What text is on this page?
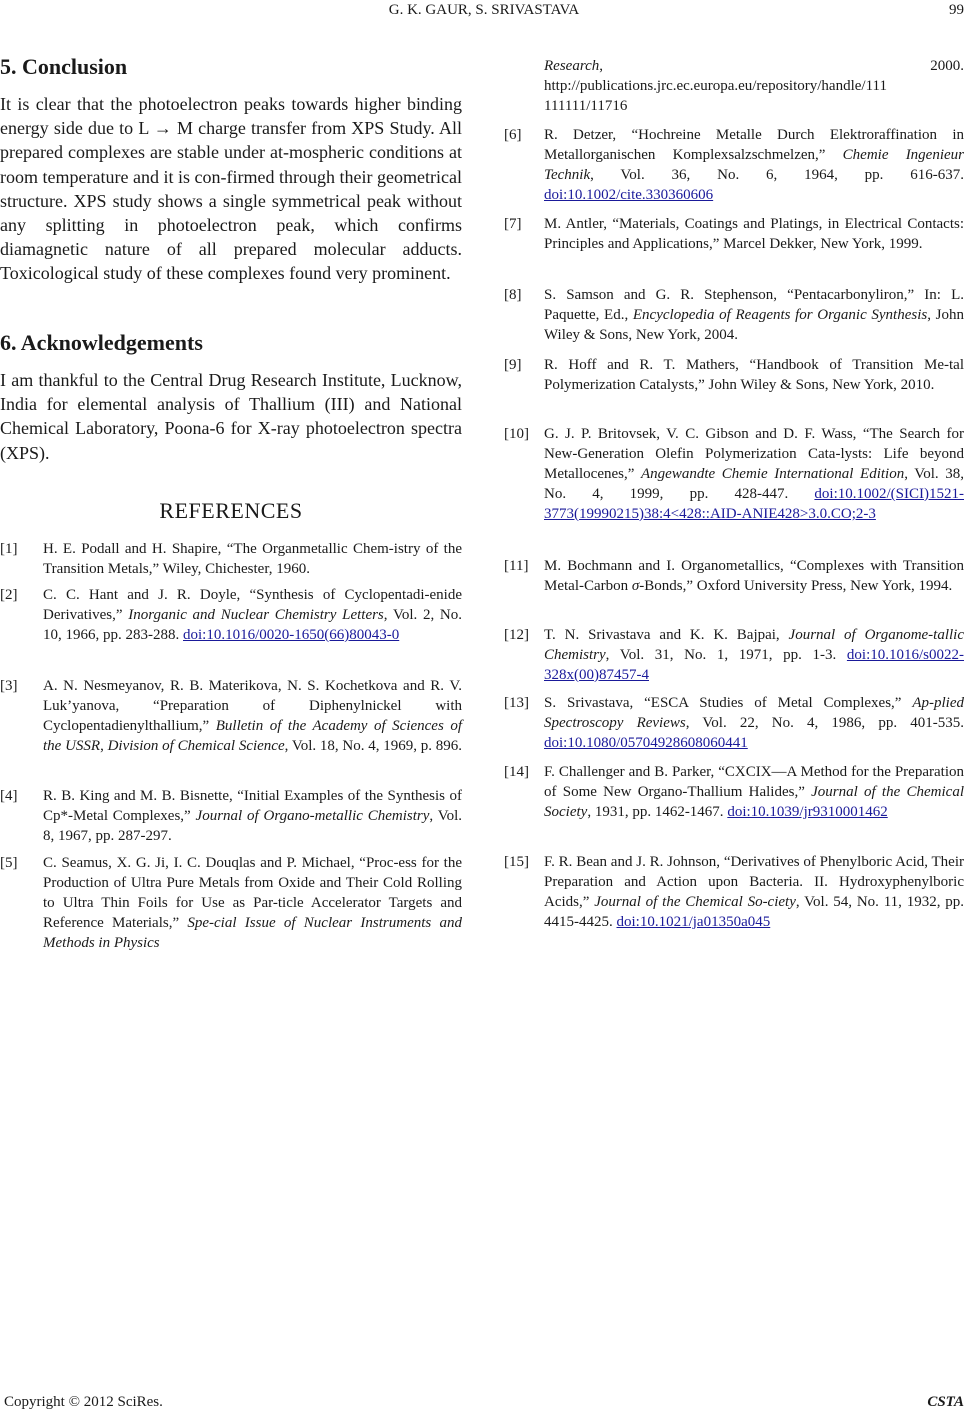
G. K. GAUR, S. SRIVASTAVA	99
5. Conclusion

It is clear that the photoelectron peaks towards higher binding energy side due to L → M charge transfer from XPS Study. All prepared complexes are stable under at-mospheric conditions at room temperature and it is con-firmed through their geometrical structure. XPS study shows a single symmetrical peak without any splitting in photoelectron peak, which confirms diamagnetic nature of all prepared molecular adducts. Toxicological study of these complexes found very prominent.

6. Acknowledgements

I am thankful to the Central Drug Research Institute, Lucknow, India for elemental analysis of Thallium (III) and National Chemical Laboratory, Poona-6 for X-ray photoelectron spectra (XPS).

REFERENCES

[1] H. E. Podall and H. Shapire, “The Organmetallic Chem-istry of the Transition Metals,” Wiley, Chichester, 1960.
[2] C. C. Hant and J. R. Doyle, “Synthesis of Cyclopentadi-enide Derivatives,” Inorganic and Nuclear Chemistry Letters, Vol. 2, No. 10, 1966, pp. 283-288. doi:10.1016/0020-1650(66)80043-0
[3] A. N. Nesmeyanov, R. B. Materikova, N. S. Kochetkova and R. V. Luk’yanova, “Preparation of Diphenylnickel with Cyclopentadienylthallium,” Bulletin of the Academy of Sciences of the USSR, Division of Chemical Science, Vol. 18, No. 4, 1969, p. 896.
[4] R. B. King and M. B. Bisnette, “Initial Examples of the Synthesis of Cp*-Metal Complexes,” Journal of Organo-metallic Chemistry, Vol. 8, 1967, pp. 287-297.
[5] C. Seamus, X. G. Ji, I. C. Douqlas and P. Michael, “Proc-ess for the Production of Ultra Pure Metals from Oxide and Their Cold Rolling to Ultra Thin Foils for Use as Par-ticle Accelerator Targets and Reference Materials,” Spe-cial Issue of Nuclear Instruments and Methods in Physics
Research, 2000. http://publications.jrc.ec.europa.eu/repository/handle/111 111111/11716
[6] R. Detzer, “Hochreine Metalle Durch Elektroraffination in Metallorganischen Komplexsalzschmelzen,” Chemie Ingenieur Technik, Vol. 36, No. 6, 1964, pp. 616-637. doi:10.1002/cite.330360606
[7] M. Antler, “Materials, Coatings and Platings, in Electrical Contacts: Principles and Applications,” Marcel Dekker, New York, 1999.
[8] S. Samson and G. R. Stephenson, “Pentacarbonyliron,” In: L. Paquette, Ed., Encyclopedia of Reagents for Organic Synthesis, John Wiley & Sons, New York, 2004.
[9] R. Hoff and R. T. Mathers, “Handbook of Transition Me-tal Polymerization Catalysts,” John Wiley & Sons, New York, 2010.
[10] G. J. P. Britovsek, V. C. Gibson and D. F. Wass, “The Search for New-Generation Olefin Polymerization Cata-lysts: Life beyond Metallocenes,” Angewandte Chemie International Edition, Vol. 38, No. 4, 1999, pp. 428-447. doi:10.1002/(SICI)1521-3773(19990215)38:4<428::AID-ANIE428>3.0.CO;2-3
[11] M. Bochmann and I. Organometallics, “Complexes with Transition Metal-Carbon σ-Bonds,” Oxford University Press, New York, 1994.
[12] T. N. Srivastava and K. K. Bajpai, Journal of Organome-tallic Chemistry, Vol. 31, No. 1, 1971, pp. 1-3. doi:10.1016/s0022-328x(00)87457-4
[13] S. Srivastava, “ESCA Studies of Metal Complexes,” Ap-plied Spectroscopy Reviews, Vol. 22, No. 4, 1986, pp. 401-535. doi:10.1080/05704928608060441
[14] F. Challenger and B. Parker, “CXCIX—A Method for the Preparation of Some New Organo-Thallium Halides,” Journal of the Chemical Society, 1931, pp. 1462-1467. doi:10.1039/jr9310001462
[15] F. R. Bean and J. R. Johnson, “Derivatives of Phenylboric Acid, Their Preparation and Action upon Bacteria. II. Hydroxyphenylboric Acids,” Journal of the Chemical So-ciety, Vol. 54, No. 11, 1932, pp. 4415-4425. doi:10.1021/ja01350a045
Copyright © 2012 SciRes.	CSTA
